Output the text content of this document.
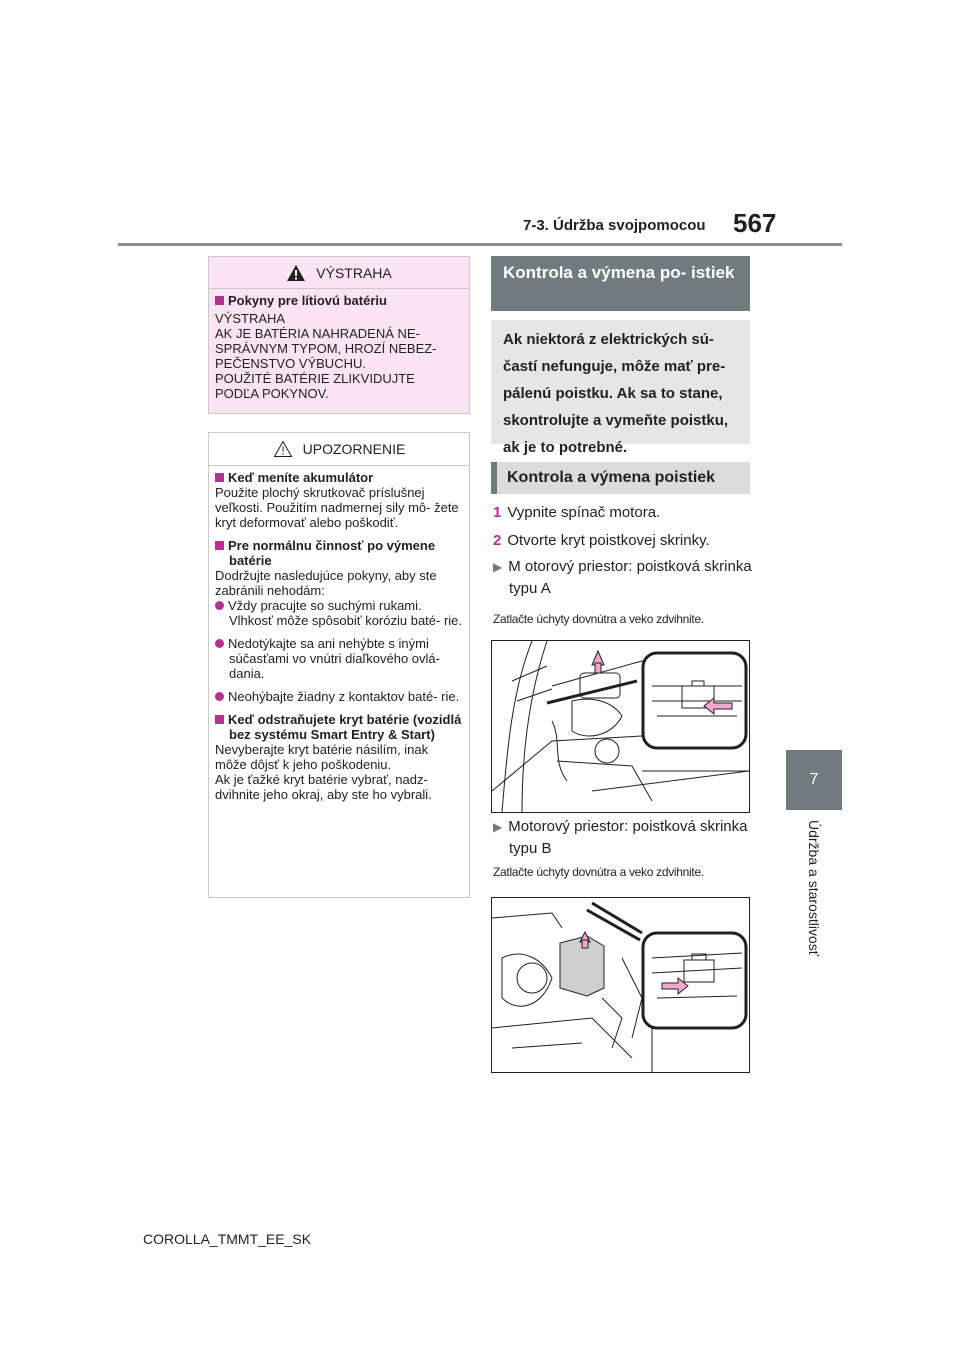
7-3. Údržba svojpomocou 567
7
Údržba a starostlivosť
VÝSTRAHA
Pokyny pre lítiovú batériu
VÝSTRAHA
AK JE BATÉRIA NAHRADENÁ NE-
SPRÁVNYM TYPOM, HROZÍ NEBEZ-
PEČENSTVO VÝBUCHU.
POUŽITÉ BATÉRIE ZLIKVIDUJTE
PODĽA POKYNOV.
UPOZORNENIE
Keď meníte akumulátor
Použite plochý skrutkovač príslušnej veľkosti. Použitím nadmernej sily mô- žete kryt deformovať alebo poškodiť.
Pre normálnu činnosť po výmene batérie
Dodržujte nasledujúce pokyny, aby ste zabránili nehodám:
Vždy pracujte so suchými rukami. Vlhkosť môže spôsobiť koróziu baté- rie.
Nedotýkajte sa ani nehýbte s inými súčasťami vo vnútri diaľkového ovlá- dania.
Neohýbajte žiadny z kontaktov baté- rie.
Keď odstraňujete kryt batérie (vozidlá bez systému Smart Entry & Start)
Nevyberajte kryt batérie násilím, inak môže dôjsť k jeho poškodeniu.
Ak je ťažké kryt batérie vybrať, nadz- dvihnite jeho okraj, aby ste ho vybrali.
Kontrola a výmena po- istiek
Ak niektorá z elektrických sú- častí nefunguje, môže mať pre- pálenú poistku. Ak sa to stane, skontrolujte a vymeňte poistku, ak je to potrebné.
Kontrola a výmena poistiek
1 Vypnite spínač motora.
2 Otvorte kryt poistkovej skrinky.
▶ M otorový priestor: poistková skrinka typu A
Zatlačte úchyty dovnútra a veko zdvihnite.
▶ Motorový priestor: poistková skrinka typu B
Zatlačte úchyty dovnútra a veko zdvihnite.
COROLLA_TMMT_EE_SK
